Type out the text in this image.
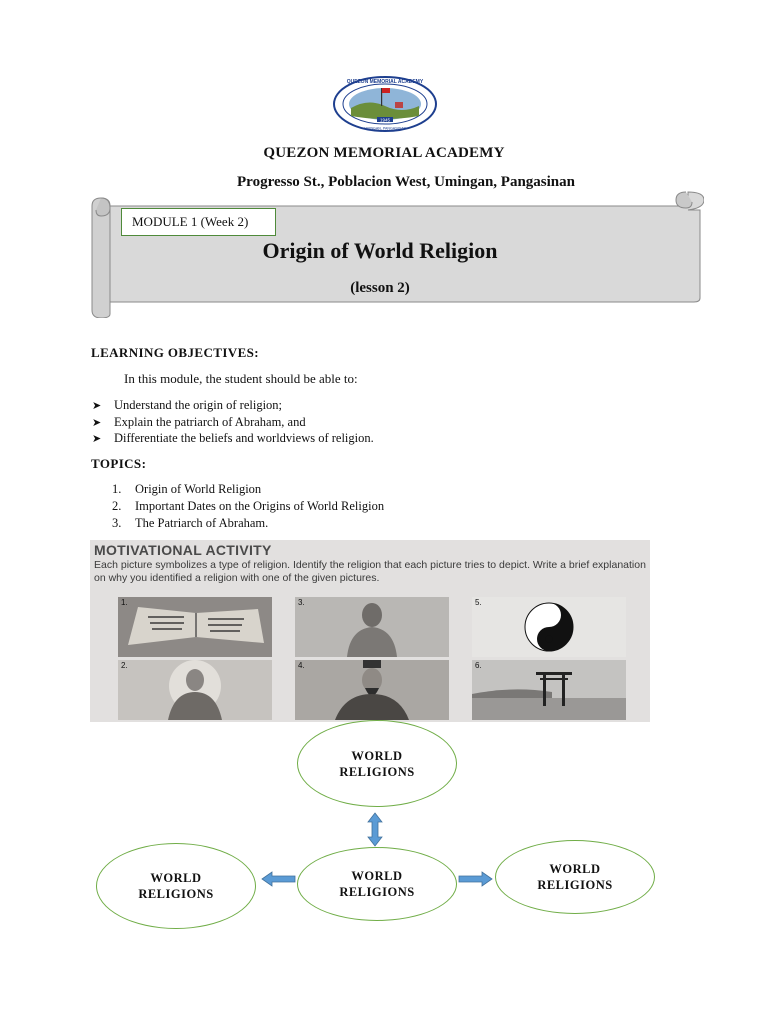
1945
QUEZON MEMORIAL ACADEMY
UMINGAN, PANGASINAN
QUEZON MEMORIAL ACADEMY
Progresso St., Poblacion West, Umingan, Pangasinan
MODULE 1 (Week 2)
Origin of World Religion
(lesson 2)
LEARNING OBJECTIVES:
In this module, the student should be able to:
➤ Understand the origin of religion;
➤ Explain the patriarch of Abraham, and
➤ Differentiate the beliefs and worldviews of religion.
TOPICS:
1. Origin of World Religion
2. Important Dates on the Origins of World Religion
3. The Patriarch of Abraham.
MOTIVATIONAL ACTIVITY
Each picture symbolizes a type of religion. Identify the religion that each picture tries to depict. Write a brief explanation on why you identified a religion with one of the given pictures.
1.	3.	5.
2.	4.	6.
WORLD
RELIGIONS
WORLD
RELIGIONS
WORLD
RELIGIONS
WORLD
RELIGIONS
